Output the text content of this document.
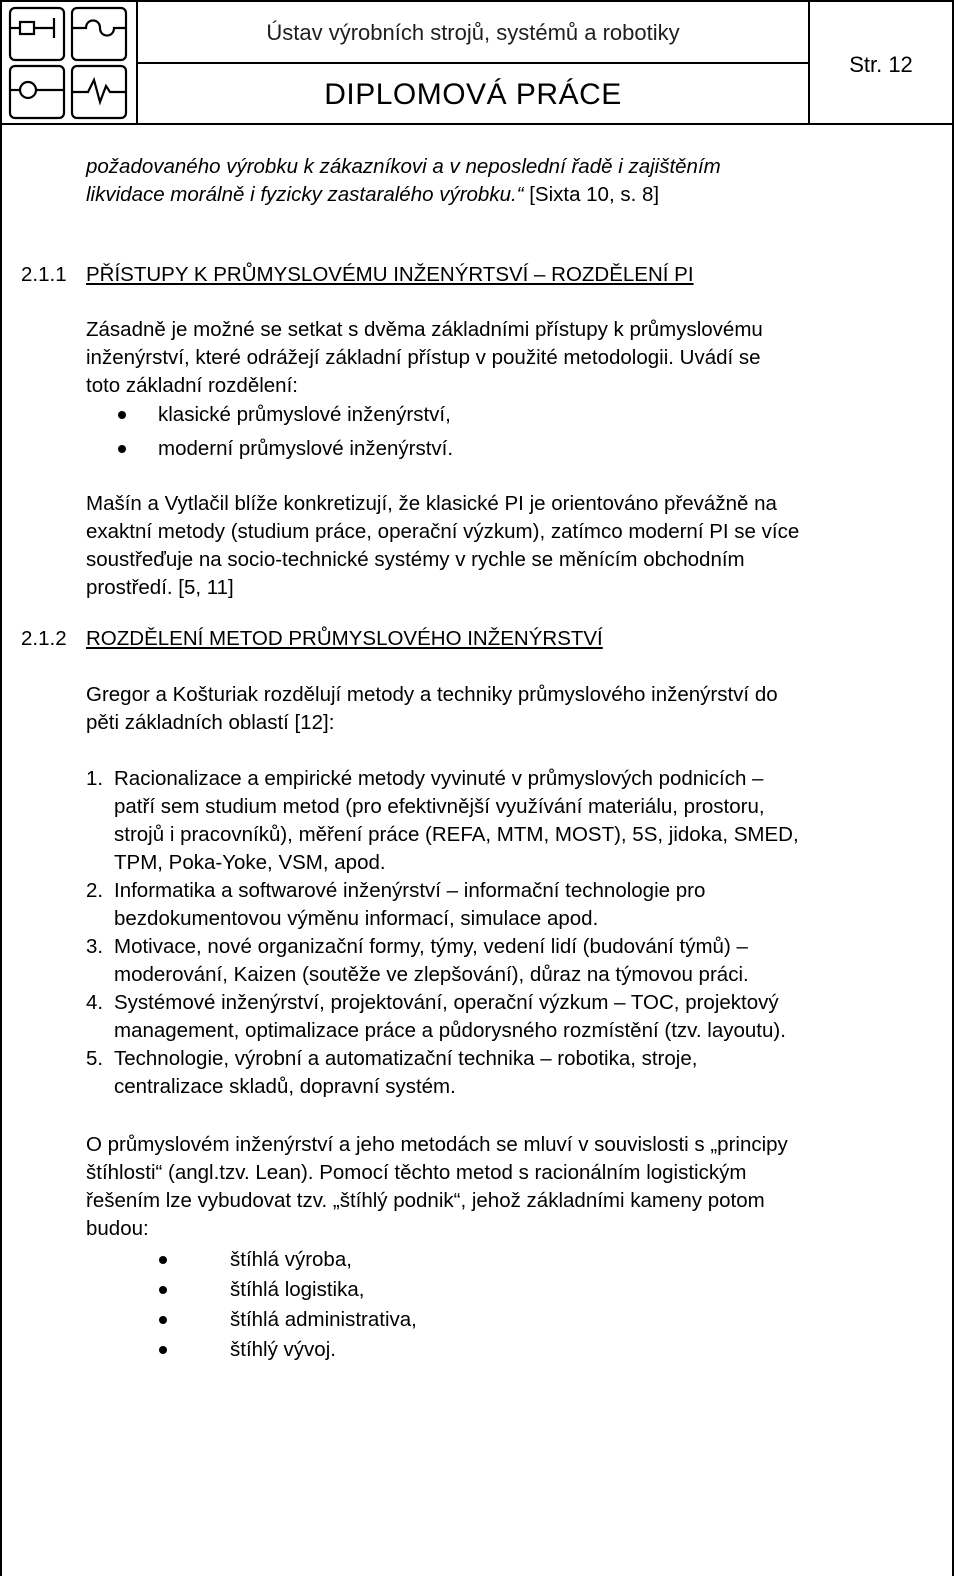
Ústav výrobních strojů, systémů a robotiky
DIPLOMOVÁ PRÁCE
Str. 12

požadovaného výrobku k zákazníkovi a v neposlední řadě i zajištěním

likvidace morálně i fyzicky zastaralého výrobku.“ [Sixta 10, s. 8]

2.1.1 PŘÍSTUPY K PRŮMYSLOVÉMU INŽENÝRTSVÍ – ROZDĚLENÍ PI

Zásadně je možné se setkat s dvěma základními přístupy k průmyslovému

inženýrství, které odrážejí základní přístup v použité metodologii. Uvádí se

toto základní rozdělení:

klasické průmyslové inženýrství,

moderní průmyslové inženýrství.

Mašín a Vytlačil blíže konkretizují, že klasické PI je orientováno převážně na

exaktní metody (studium práce, operační výzkum), zatímco moderní PI se více

soustřeďuje na socio-technické systémy v rychle se měnícím obchodním

prostředí. [5, 11]

2.1.2 ROZDĚLENÍ METOD PRŮMYSLOVÉHO INŽENÝRSTVÍ

Gregor a Košturiak rozdělují metody a techniky průmyslového inženýrství do

pěti základních oblastí [12]:

1. Racionalizace a empirické metody vyvinuté v průmyslových podnicích –

patří sem studium metod (pro efektivnější využívání materiálu, prostoru,

strojů i pracovníků), měření práce (REFA, MTM, MOST), 5S, jidoka, SMED,

TPM, Poka-Yoke, VSM, apod.

2. Informatika a softwarové inženýrství – informační technologie pro

bezdokumentovou výměnu informací, simulace apod.

3. Motivace, nové organizační formy, týmy, vedení lidí (budování týmů) –

moderování, Kaizen (soutěže ve zlepšování), důraz na týmovou práci.

4. Systémové inženýrství, projektování, operační výzkum – TOC, projektový

management, optimalizace práce a půdorysného rozmístění (tzv. layoutu).

5. Technologie, výrobní a automatizační technika – robotika, stroje,

centralizace skladů, dopravní systém.

O průmyslovém inženýrství a jeho metodách se mluví v souvislosti s „principy

štíhlosti“ (angl.tzv. Lean). Pomocí těchto metod s racionálním logistickým

řešením lze vybudovat tzv. „štíhlý podnik“, jehož základními kameny potom

budou:

štíhlá výroba,

štíhlá logistika,

štíhlá administrativa,

štíhlý vývoj.
